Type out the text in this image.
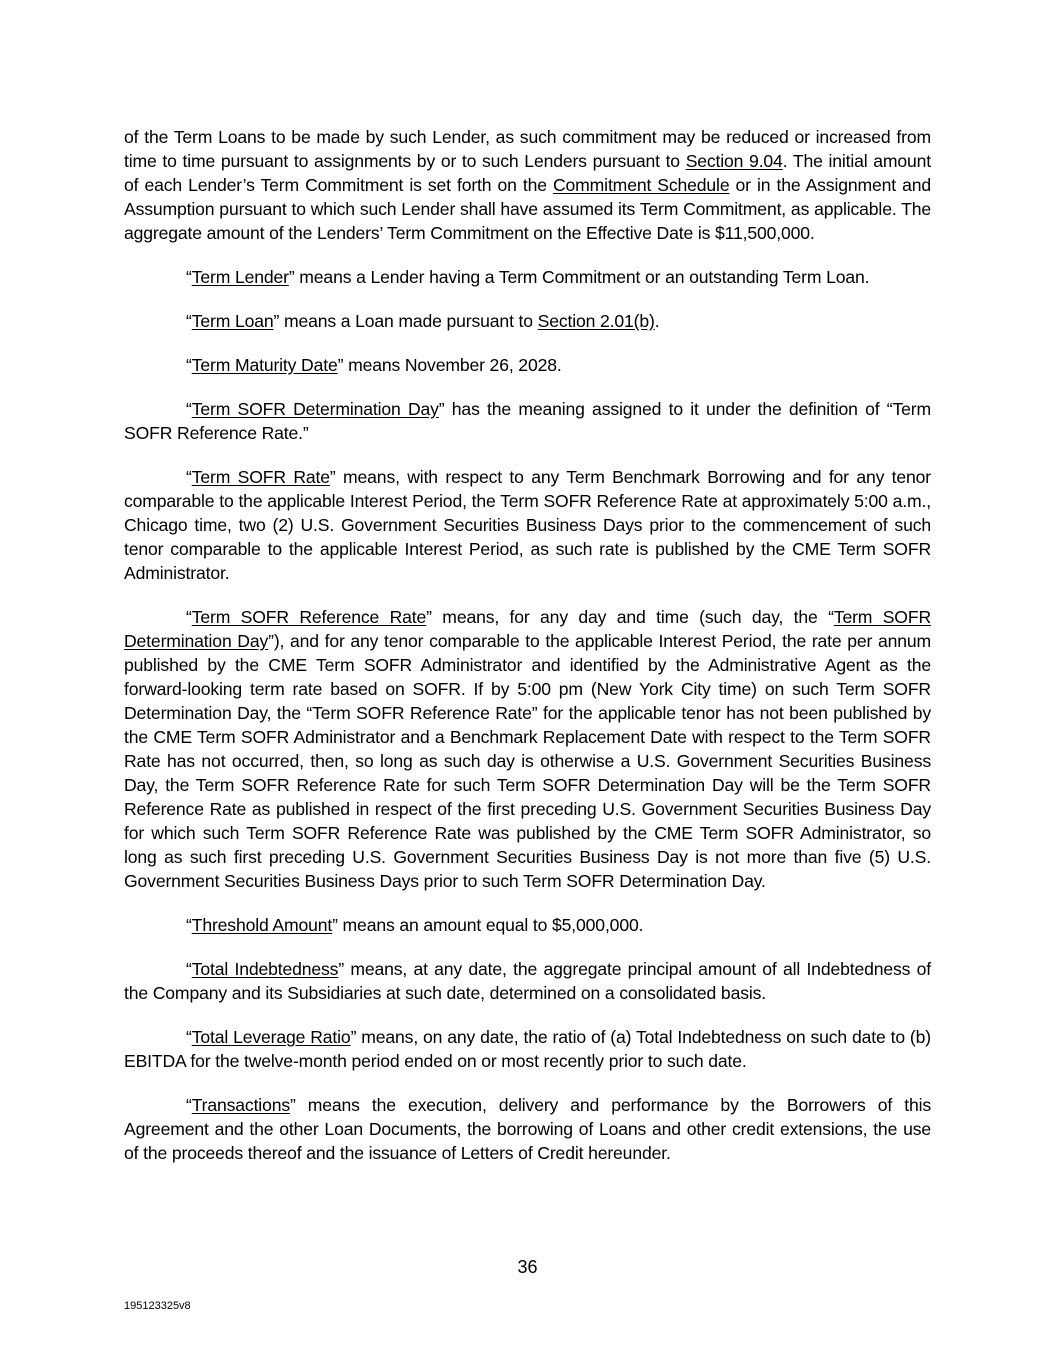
of the Term Loans to be made by such Lender, as such commitment may be reduced or increased from time to time pursuant to assignments by or to such Lenders pursuant to Section 9.04. The initial amount of each Lender’s Term Commitment is set forth on the Commitment Schedule or in the Assignment and Assumption pursuant to which such Lender shall have assumed its Term Commitment, as applicable. The aggregate amount of the Lenders’ Term Commitment on the Effective Date is $11,500,000.

“Term Lender” means a Lender having a Term Commitment or an outstanding Term Loan.

“Term Loan” means a Loan made pursuant to Section 2.01(b).

“Term Maturity Date” means November 26, 2028.

“Term SOFR Determination Day” has the meaning assigned to it under the definition of “Term SOFR Reference Rate.”

“Term SOFR Rate” means, with respect to any Term Benchmark Borrowing and for any tenor comparable to the applicable Interest Period, the Term SOFR Reference Rate at approximately 5:00 a.m., Chicago time, two (2) U.S. Government Securities Business Days prior to the commencement of such tenor comparable to the applicable Interest Period, as such rate is published by the CME Term SOFR Administrator.

“Term SOFR Reference Rate” means, for any day and time (such day, the “Term SOFR Determination Day”), and for any tenor comparable to the applicable Interest Period, the rate per annum published by the CME Term SOFR Administrator and identified by the Administrative Agent as the forward-looking term rate based on SOFR. If by 5:00 pm (New York City time) on such Term SOFR Determination Day, the “Term SOFR Reference Rate” for the applicable tenor has not been published by the CME Term SOFR Administrator and a Benchmark Replacement Date with respect to the Term SOFR Rate has not occurred, then, so long as such day is otherwise a U.S. Government Securities Business Day, the Term SOFR Reference Rate for such Term SOFR Determination Day will be the Term SOFR Reference Rate as published in respect of the first preceding U.S. Government Securities Business Day for which such Term SOFR Reference Rate was published by the CME Term SOFR Administrator, so long as such first preceding U.S. Government Securities Business Day is not more than five (5) U.S. Government Securities Business Days prior to such Term SOFR Determination Day.

“Threshold Amount” means an amount equal to $5,000,000.

“Total Indebtedness” means, at any date, the aggregate principal amount of all Indebtedness of the Company and its Subsidiaries at such date, determined on a consolidated basis.

“Total Leverage Ratio” means, on any date, the ratio of (a) Total Indebtedness on such date to (b) EBITDA for the twelve-month period ended on or most recently prior to such date.

“Transactions” means the execution, delivery and performance by the Borrowers of this Agreement and the other Loan Documents, the borrowing of Loans and other credit extensions, the use of the proceeds thereof and the issuance of Letters of Credit hereunder.

36
195123325v8
